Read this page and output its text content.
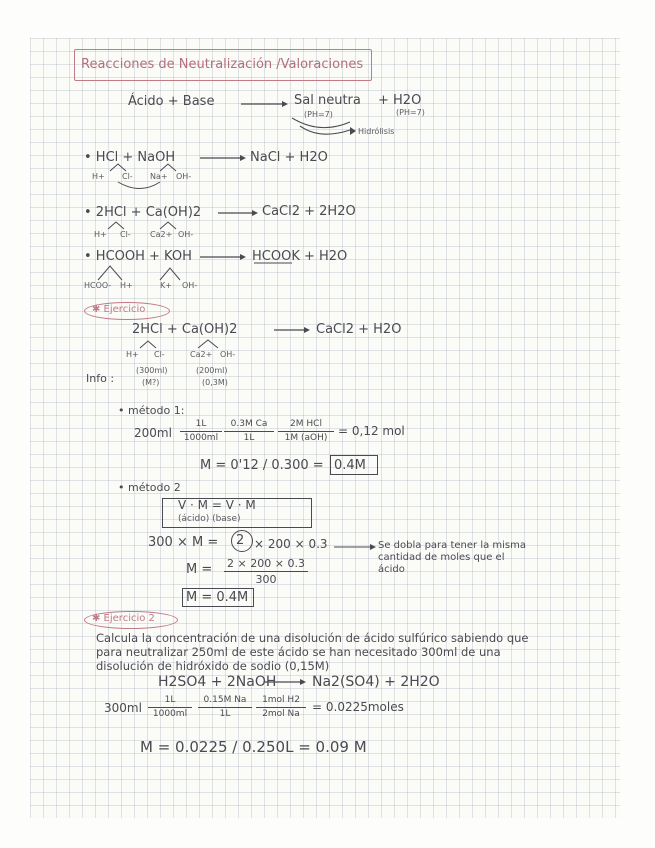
Reacciones de Neutralización /Valoraciones
Ácido + Base	Sal neutra
(PH=7)
+ H2O
(PH=7)
Hidrólisis
• HCl + NaOH	NaCl + H2O
H+ Cl- Na+ OH-
• 2HCl + Ca(OH)2	CaCl2 + 2H2O
H+ Cl- Ca2+ OH-
• HCOOH + KOH	HCOOK + H2O
HCOO- H+	K+ OH-
✱ Ejercicio
2HCl + Ca(OH)2	CaCl2 + H2O
H+ Cl-	Ca2+ OH-
Info :
(300ml)
(M?)
(200ml)
(0,3M)
• método 1:
$200ml \frac{1L}{1000ml} \frac{\text{0.3M Ca}}{1L}$	2M HCl
1M (aOH) = 0,12 mol
M = 0'12 / 0.300 = 0.4M
• método 2
V · M = V · M
(ácido) (base)
300 × M = 2 × 200 × 0.3	Se dobla para tener la misma cantidad de moles que el ácido
$M = \frac{2 \times 200 \times 0.3}{300}$
M = 0.4M
✱ Ejercicio 2
Calcula la concentración de una disolución de ácido sulfúrico sabiendo que
para neutralizar 250ml de este ácido se han necesitado 300ml de una
disolución de hidróxido de sodio (0,15M)
H2SO4 + 2NaOH	Na2(SO4) + 2H2O
$300ml \frac{1L}{1000ml} \frac{\text{0.15M Na}}{1L}$	1mol H2
2mol Na	= 0.0225moles
M = 0.0225 / 0.250L = 0.09 M
